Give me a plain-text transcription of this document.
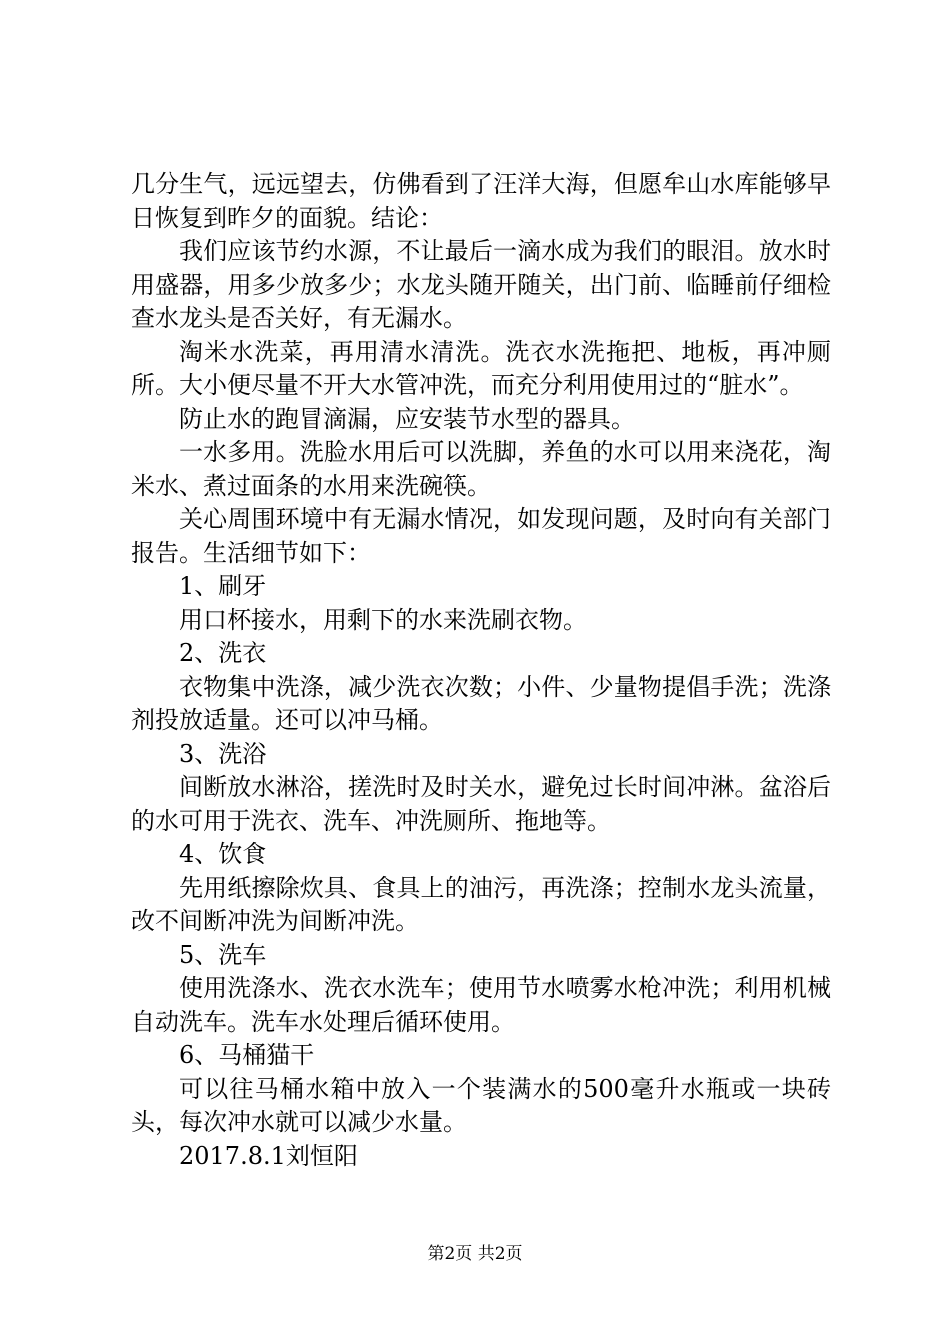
几分生气，远远望去，仿佛看到了汪洋大海，但愿牟山水库能够早日恢复到昨夕的面貌。结论：

我们应该节约水源，不让最后一滴水成为我们的眼泪。放水时用盛器，用多少放多少；水龙头随开随关，出门前、临睡前仔细检查水龙头是否关好，有无漏水。

淘米水洗菜，再用清水清洗。洗衣水洗拖把、地板，再冲厕所。大小便尽量不开大水管冲洗，而充分利用使用过的“脏水”。

防止水的跑冒滴漏，应安装节水型的器具。

一水多用。洗脸水用后可以洗脚，养鱼的水可以用来浇花，淘米水、煮过面条的水用来洗碗筷。

关心周围环境中有无漏水情况，如发现问题，及时向有关部门报告。生活细节如下：

1、刷牙

用口杯接水，用剩下的水来洗刷衣物。

2、洗衣

衣物集中洗涤，减少洗衣次数；小件、少量物提倡手洗；洗涤剂投放适量。还可以冲马桶。

3、洗浴

间断放水淋浴，搓洗时及时关水，避免过长时间冲淋。盆浴后的水可用于洗衣、洗车、冲洗厕所、拖地等。

4、饮食

先用纸擦除炊具、食具上的油污，再洗涤；控制水龙头流量，改不间断冲洗为间断冲洗。

5、洗车

使用洗涤水、洗衣水洗车；使用节水喷雾水枪冲洗；利用机械自动洗车。洗车水处理后循环使用。

6、马桶猫干

可以往马桶水箱中放入一个装满水的500毫升水瓶或一块砖头，每次冲水就可以减少水量。

2017.8.1刘恒阳

第2页 共2页
